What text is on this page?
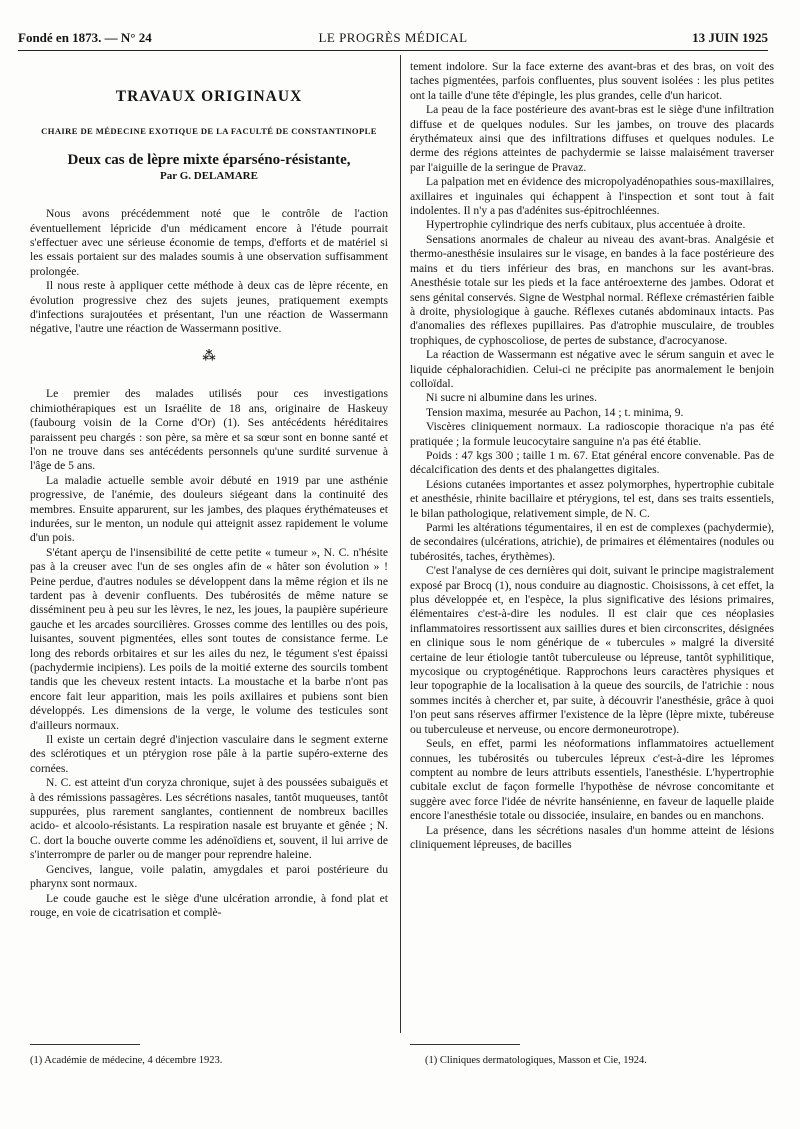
Fondé en 1873. — N° 24	LE PROGRÈS MÉDICAL	13 JUIN 1925
TRAVAUX ORIGINAUX
CHAIRE DE MÉDECINE EXOTIQUE DE LA FACULTÉ DE CONSTANTINOPLE
Deux cas de lèpre mixte éparséno-résistante,
Par G. DELAMARE

Nous avons précédemment noté que le contrôle de l'action éventuellement lépricide d'un médicament encore à l'étude pourrait s'effectuer avec une sérieuse économie de temps, d'efforts et de matériel si les essais portaient sur des malades soumis à une observation suffisamment prolongée.

Il nous reste à appliquer cette méthode à deux cas de lèpre récente, en évolution progressive chez des sujets jeunes, pratiquement exempts d'infections surajoutées et présentant, l'un une réaction de Wassermann négative, l'autre une réaction de Wassermann positive.

⁂

Le premier des malades utilisés pour ces investigations chimiothérapiques est un Israélite de 18 ans, originaire de Haskeuy (faubourg voisin de la Corne d'Or) (1). Ses antécédents héréditaires paraissent peu chargés : son père, sa mère et sa sœur sont en bonne santé et l'on ne trouve dans ses antécédents personnels qu'une surdité survenue à l'âge de 5 ans.

La maladie actuelle semble avoir débuté en 1919 par une asthénie progressive, de l'anémie, des douleurs siégeant dans la continuité des membres. Ensuite apparurent, sur les jambes, des plaques érythémateuses et indurées, sur le menton, un nodule qui atteignit assez rapidement le volume d'un pois.

S'étant aperçu de l'insensibilité de cette petite « tumeur », N. C. n'hésite pas à la creuser avec l'un de ses ongles afin de « hâter son évolution » ! Peine perdue, d'autres nodules se développent dans la même région et ils ne tardent pas à devenir confluents. Des tubérosités de même nature se disséminent peu à peu sur les lèvres, le nez, les joues, la paupière supérieure gauche et les arcades sourcilières. Grosses comme des lentilles ou des pois, luisantes, souvent pigmentées, elles sont toutes de consistance ferme. Le long des rebords orbitaires et sur les ailes du nez, le tégument s'est épaissi (pachydermie incipiens). Les poils de la moitié externe des sourcils tombent tandis que les cheveux restent intacts. La moustache et la barbe n'ont pas encore fait leur apparition, mais les poils axillaires et pubiens sont bien développés. Les dimensions de la verge, le volume des testicules sont d'ailleurs normaux.

Il existe un certain degré d'injection vasculaire dans le segment externe des sclérotiques et un ptérygion rose pâle à la partie supéro-externe des cornées.

N. C. est atteint d'un coryza chronique, sujet à des poussées subaiguës et à des rémissions passagères. Les sécrétions nasales, tantôt muqueuses, tantôt suppurées, plus rarement sanglantes, contiennent de nombreux bacilles acido- et alcoolo-résistants. La respiration nasale est bruyante et gênée ; N. C. dort la bouche ouverte comme les adénoïdiens et, souvent, il lui arrive de s'interrompre de parler ou de manger pour reprendre haleine.

Gencives, langue, voile palatin, amygdales et paroi postérieure du pharynx sont normaux.

Le coude gauche est le siège d'une ulcération arrondie, à fond plat et rouge, en voie de cicatrisation et complè-

tement indolore. Sur la face externe des avant-bras et des bras, on voit des taches pigmentées, parfois confluentes, plus souvent isolées : les plus petites ont la taille d'une tête d'épingle, les plus grandes, celle d'un haricot.

La peau de la face postérieure des avant-bras est le siège d'une infiltration diffuse et de quelques nodules. Sur les jambes, on trouve des placards érythémateux ainsi que des infiltrations diffuses et quelques nodules. Le derme des régions atteintes de pachydermie se laisse malaisément traverser par l'aiguille de la seringue de Pravaz.

La palpation met en évidence des micropolyadénopathies sous-maxillaires, axillaires et inguinales qui échappent à l'inspection et sont tout à fait indolentes. Il n'y a pas d'adénites sus-épitrochléennes.

Hypertrophie cylindrique des nerfs cubitaux, plus accentuée à droite.

Sensations anormales de chaleur au niveau des avant-bras. Analgésie et thermo-anesthésie insulaires sur le visage, en bandes à la face postérieure des mains et du tiers inférieur des bras, en manchons sur les avant-bras. Anesthésie totale sur les pieds et la face antéroexterne des jambes. Odorat et sens génital conservés. Signe de Westphal normal. Réflexe crémastérien faible à droite, physiologique à gauche. Réflexes cutanés abdominaux intacts. Pas d'anomalies des réflexes pupillaires. Pas d'atrophie musculaire, de troubles trophiques, de cyphoscoliose, de pertes de substance, d'acrocyanose.

La réaction de Wassermann est négative avec le sérum sanguin et avec le liquide céphalorachidien. Celui-ci ne précipite pas anormalement le benjoin colloïdal.

Ni sucre ni albumine dans les urines.

Tension maxima, mesurée au Pachon, 14 ; t. minima, 9.

Viscères cliniquement normaux. La radioscopie thoracique n'a pas été pratiquée ; la formule leucocytaire sanguine n'a pas été établie.

Poids : 47 kgs 300 ; taille 1 m. 67. Etat général encore convenable. Pas de décalcification des dents et des phalangettes digitales.

Lésions cutanées importantes et assez polymorphes, hypertrophie cubitale et anesthésie, rhinite bacillaire et ptérygions, tel est, dans ses traits essentiels, le bilan pathologique, relativement simple, de N. C.

Parmi les altérations tégumentaires, il en est de complexes (pachydermie), de secondaires (ulcérations, atrichie), de primaires et élémentaires (nodules ou tubérosités, taches, érythèmes).

C'est l'analyse de ces dernières qui doit, suivant le principe magistralement exposé par Brocq (1), nous conduire au diagnostic. Choisissons, à cet effet, la plus développée et, en l'espèce, la plus significative des lésions primaires, élémentaires c'est-à-dire les nodules. Il est clair que ces néoplasies inflammatoires ressortissent aux saillies dures et bien circonscrites, désignées en clinique sous le nom générique de « tubercules » malgré la diversité certaine de leur étiologie tantôt tuberculeuse ou lépreuse, tantôt syphilitique, mycosique ou cryptogénétique. Rapprochons leurs caractères physiques et leur topographie de la localisation à la queue des sourcils, de l'atrichie : nous sommes incités à chercher et, par suite, à découvrir l'anesthésie, grâce à quoi l'on peut sans réserves affirmer l'existence de la lèpre (lèpre mixte, tubéreuse ou tuberculeuse et nerveuse, ou encore dermoneurotrope).

Seuls, en effet, parmi les néoformations inflammatoires actuellement connues, les tubérosités ou tubercules lépreux c'est-à-dire les lépromes comptent au nombre de leurs attributs essentiels, l'anesthésie. L'hypertrophie cubitale exclut de façon formelle l'hypothèse de névrose concomitante et suggère avec force l'idée de névrite hansénienne, en faveur de laquelle plaide encore l'anesthésie totale ou dissociée, insulaire, en bandes ou en manchons.

La présence, dans les sécrétions nasales d'un homme atteint de lésions cliniquement lépreuses, de bacilles

(1) Académie de médecine, 4 décembre 1923.	(1) Cliniques dermatologiques, Masson et Cie, 1924.
